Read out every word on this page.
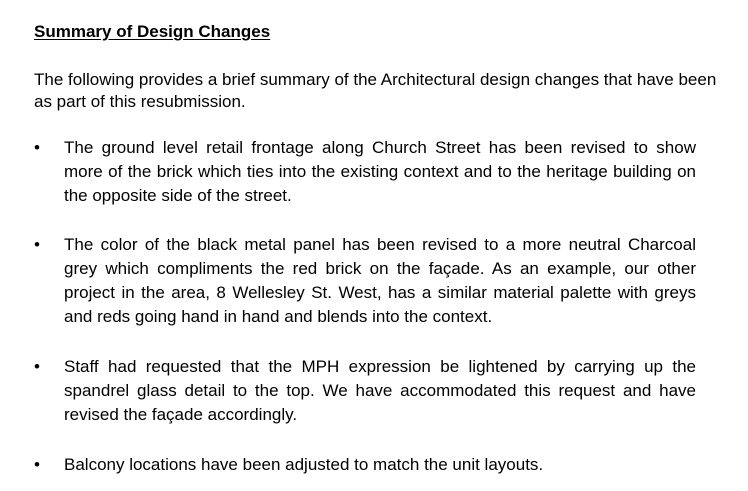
Summary of Design Changes

The following provides a brief summary of the Architectural design changes that have been as part of this resubmission.

• The ground level retail frontage along Church Street has been revised to show more of the brick which ties into the existing context and to the heritage building on the opposite side of the street.

• The color of the black metal panel has been revised to a more neutral Charcoal grey which compliments the red brick on the façade. As an example, our other project in the area, 8 Wellesley St. West, has a similar material palette with greys and reds going hand in hand and blends into the context.

• Staff had requested that the MPH expression be lightened by carrying up the spandrel glass detail to the top. We have accommodated this request and have revised the façade accordingly.

• Balcony locations have been adjusted to match the unit layouts.
